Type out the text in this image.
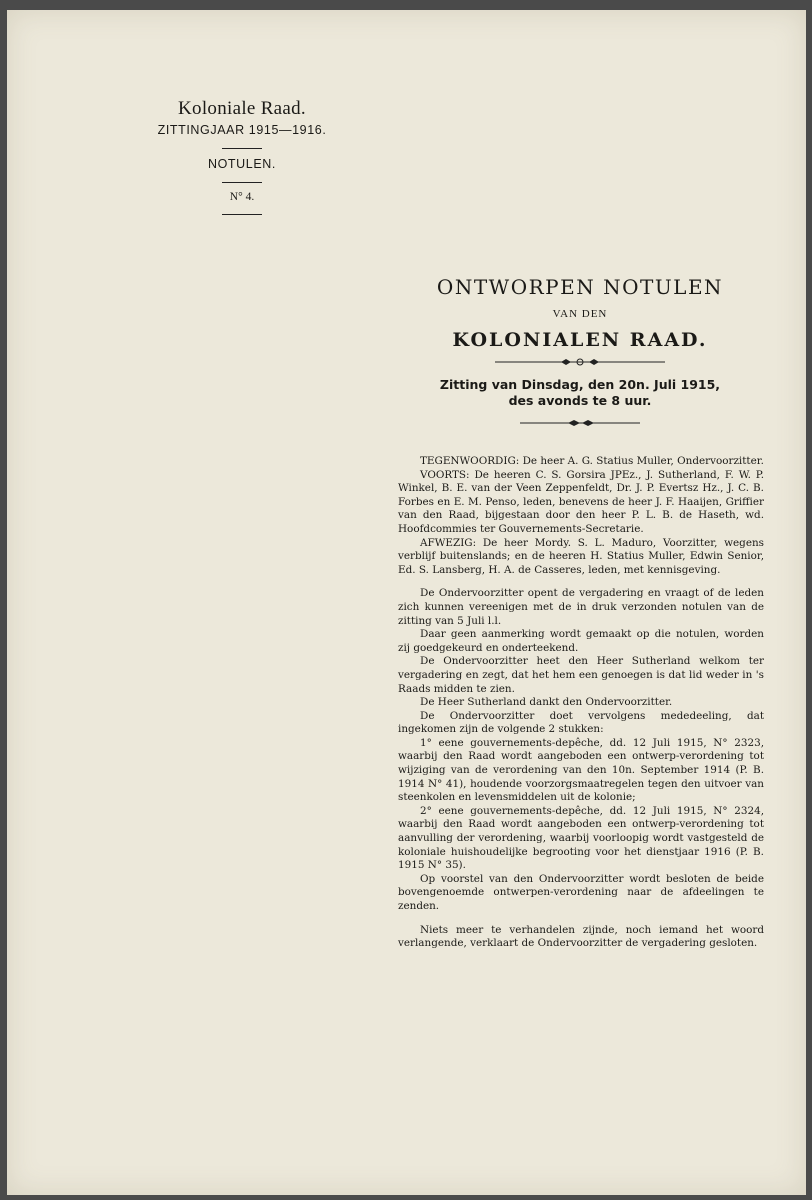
Koloniale Raad.
ZITTINGJAAR 1915—1916.
NOTULEN.
N° 4.
ONTWORPEN NOTULEN
VAN DEN
KOLONIALEN RAAD.
Zitting van Dinsdag, den 20n. Juli 1915,
des avonds te 8 uur.

TEGENWOORDIG: De heer A. G. Statius Muller, Ondervoorzitter.

VOORTS: De heeren C. S. Gorsira JPEz., J. Sutherland, F. W. P. Winkel, B. E. van der Veen Zeppenfeldt, Dr. J. P. Evertsz Hz., J. C. B. Forbes en E. M. Penso, leden, benevens de heer J. F. Haaijen, Griffier van den Raad, bijgestaan door den heer P. L. B. de Haseth, wd. Hoofdcommies ter Gouvernements-Secretarie.

AFWEZIG: De heer Mordy. S. L. Maduro, Voorzitter, wegens verblijf buitenslands; en de heeren H. Statius Muller, Edwin Senior, Ed. S. Lansberg, H. A. de Casseres, leden, met kennisgeving.

De Ondervoorzitter opent de vergadering en vraagt of de leden zich kunnen vereenigen met de in druk verzonden notulen van de zitting van 5 Juli l.l.

Daar geen aanmerking wordt gemaakt op die notulen, worden zij goedgekeurd en onderteekend.

De Ondervoorzitter heet den Heer Sutherland welkom ter vergadering en zegt, dat het hem een genoegen is dat lid weder in 's Raads midden te zien.

De Heer Sutherland dankt den Ondervoorzitter.

De Ondervoorzitter doet vervolgens mededeeling, dat ingekomen zijn de volgende 2 stukken:

1° eene gouvernements-depêche, dd. 12 Juli 1915, N° 2323, waarbij den Raad wordt aangeboden een ontwerp-verordening tot wijziging van de verordening van den 10n. September 1914 (P. B. 1914 N° 41), houdende voorzorgsmaatregelen tegen den uitvoer van steenkolen en levensmiddelen uit de kolonie;

2° eene gouvernements-depêche, dd. 12 Juli 1915, N° 2324, waarbij den Raad wordt aangeboden een ontwerp-verordening tot aanvulling der verordening, waarbij voorloopig wordt vastgesteld de koloniale huishoudelijke begrooting voor het dienstjaar 1916 (P. B. 1915 N° 35).

Op voorstel van den Ondervoorzitter wordt besloten de beide bovengenoemde ontwerpen-verordening naar de afdeelingen te zenden.

Niets meer te verhandelen zijnde, noch iemand het woord verlangende, verklaart de Ondervoorzitter de vergadering gesloten.
